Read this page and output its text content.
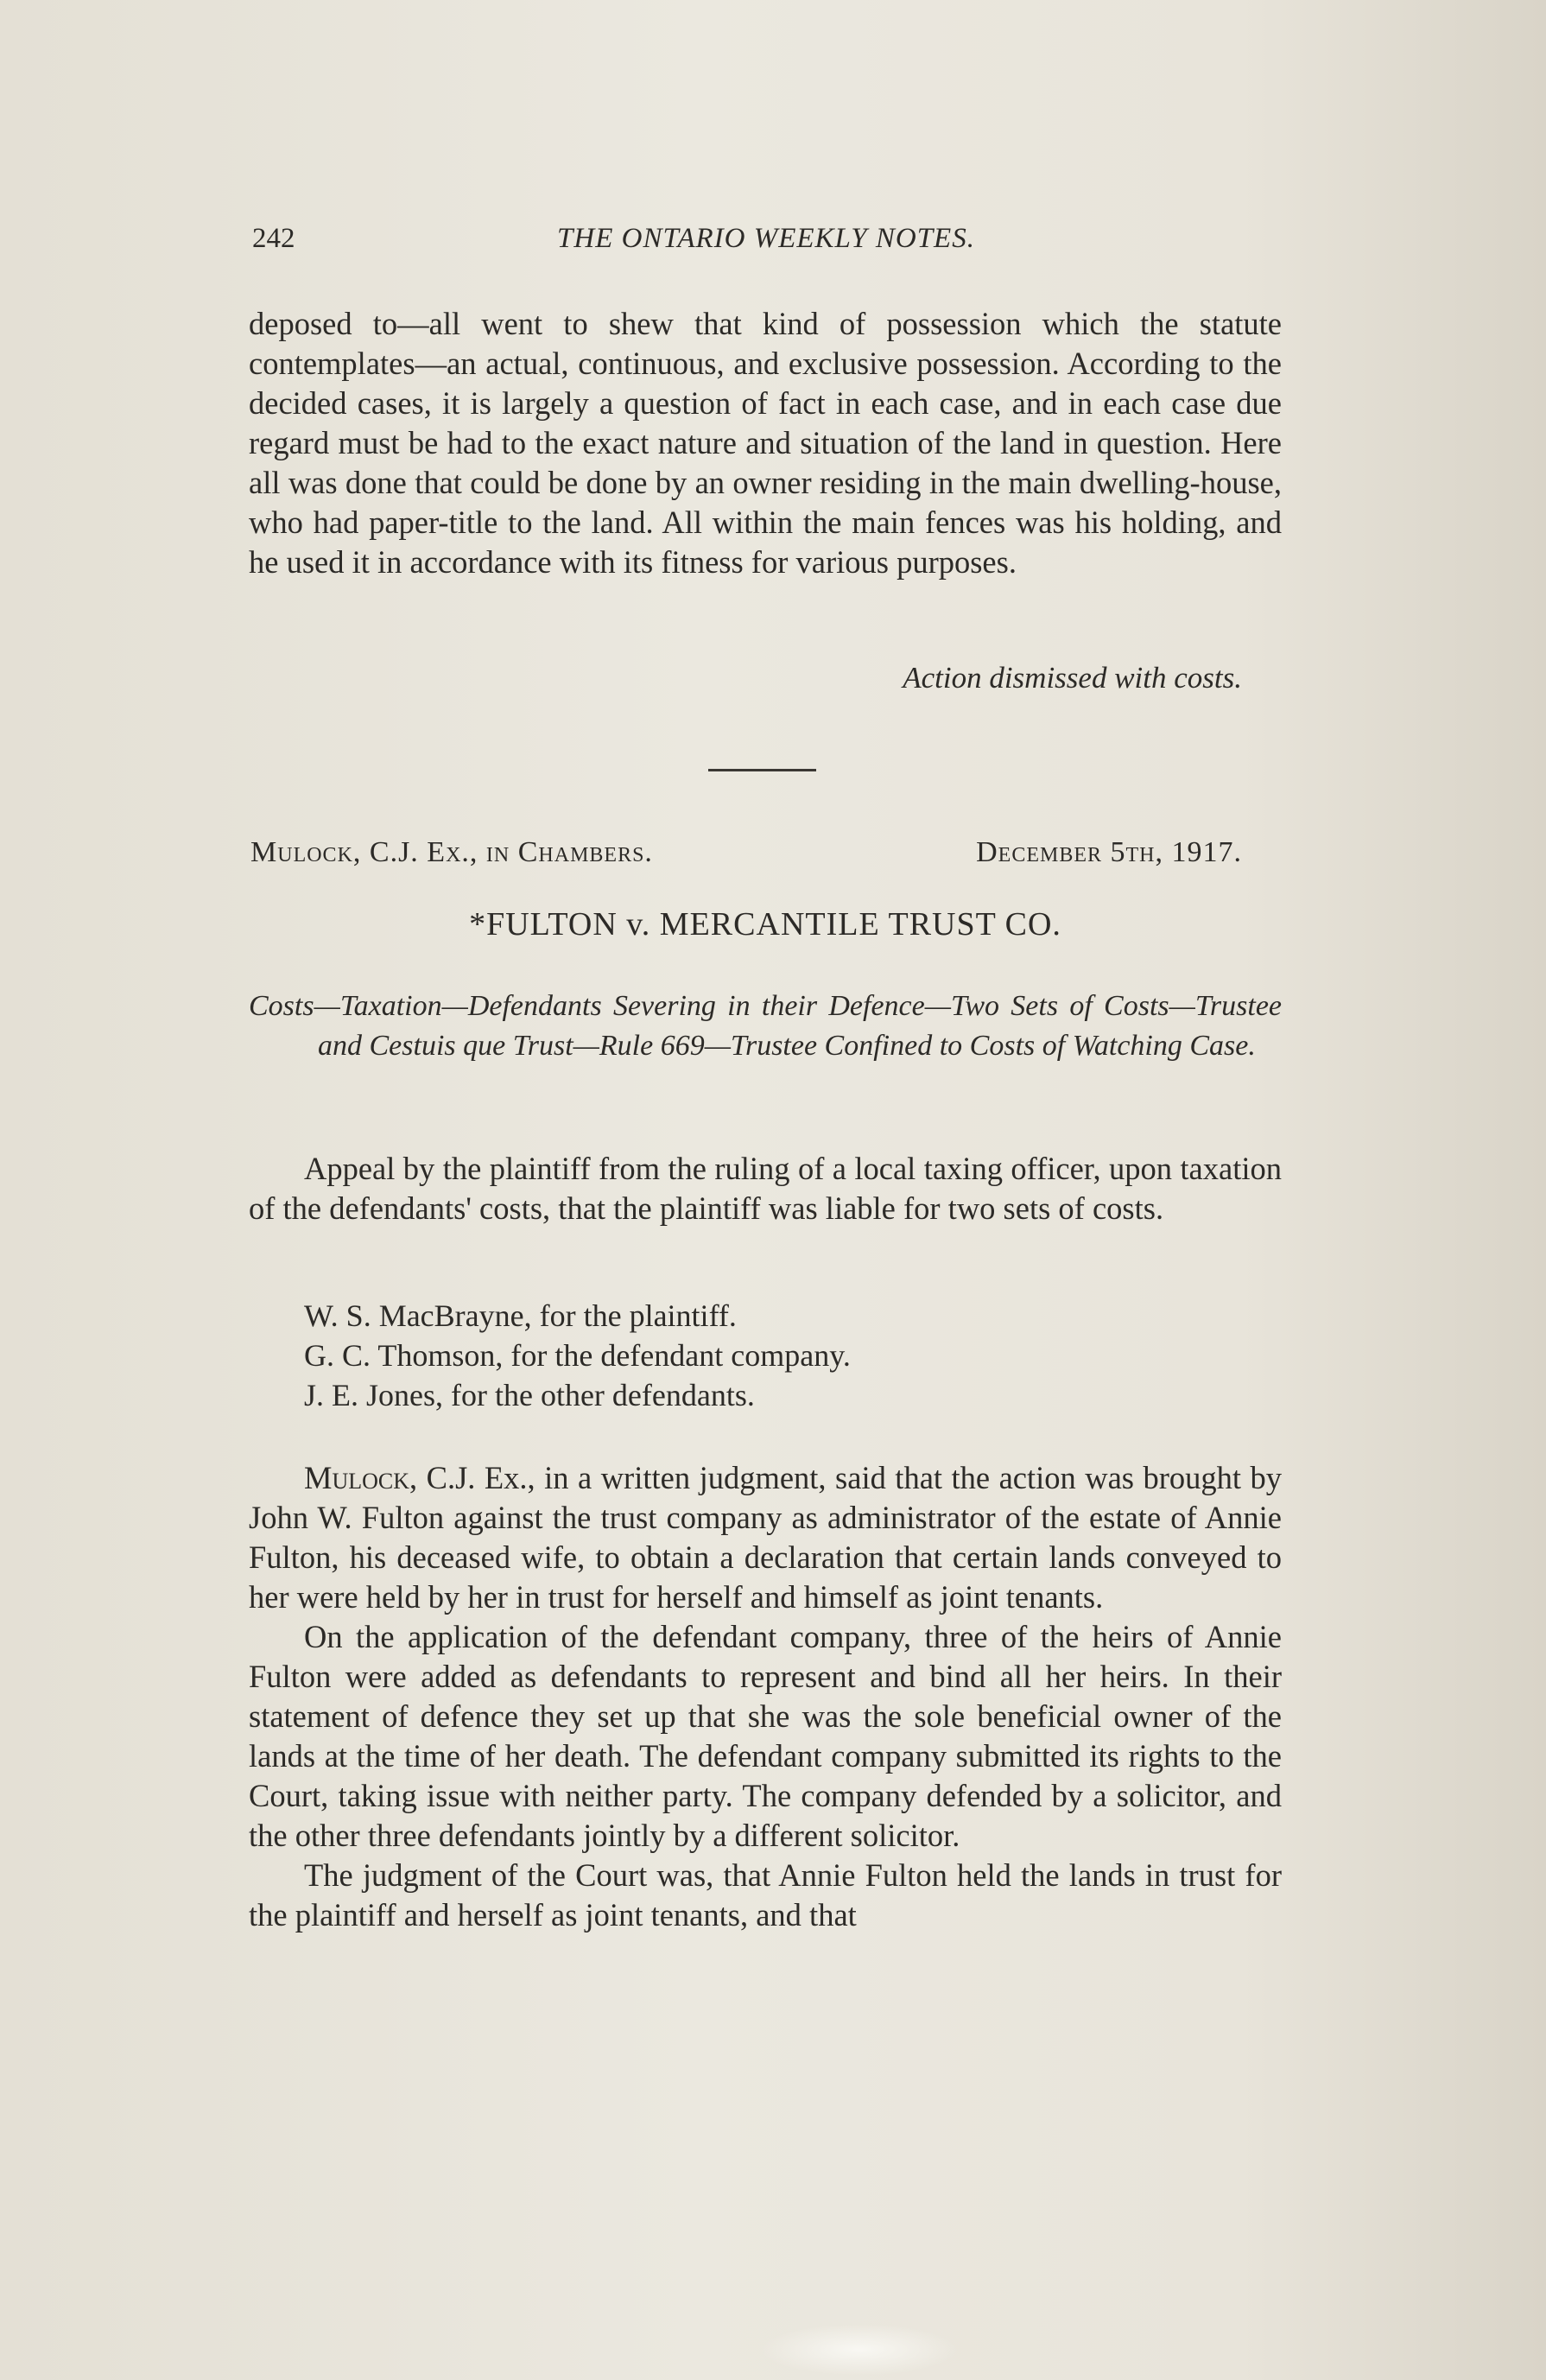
242	THE ONTARIO WEEKLY NOTES.

deposed to—all went to shew that kind of possession which the statute contemplates—an actual, continuous, and exclusive possession. According to the decided cases, it is largely a question of fact in each case, and in each case due regard must be had to the exact nature and situation of the land in question. Here all was done that could be done by an owner residing in the main dwelling-house, who had paper-title to the land. All within the main fences was his holding, and he used it in accordance with its fitness for various purposes.

Action dismissed with costs.
Mulock, C.J. Ex., in Chambers.	December 5th, 1917.
*FULTON v. MERCANTILE TRUST CO.
Costs—Taxation—Defendants Severing in their Defence—Two Sets of Costs—Trustee and Cestuis que Trust—Rule 669—Trustee Confined to Costs of Watching Case.

Appeal by the plaintiff from the ruling of a local taxing officer, upon taxation of the defendants' costs, that the plaintiff was liable for two sets of costs.

W. S. MacBrayne, for the plaintiff.
G. C. Thomson, for the defendant company.
J. E. Jones, for the other defendants.

Mulock, C.J. Ex., in a written judgment, said that the action was brought by John W. Fulton against the trust company as administrator of the estate of Annie Fulton, his deceased wife, to obtain a declaration that certain lands conveyed to her were held by her in trust for herself and himself as joint tenants.

On the application of the defendant company, three of the heirs of Annie Fulton were added as defendants to represent and bind all her heirs. In their statement of defence they set up that she was the sole beneficial owner of the lands at the time of her death. The defendant company submitted its rights to the Court, taking issue with neither party. The company defended by a solicitor, and the other three defendants jointly by a different solicitor.

The judgment of the Court was, that Annie Fulton held the lands in trust for the plaintiff and herself as joint tenants, and that
